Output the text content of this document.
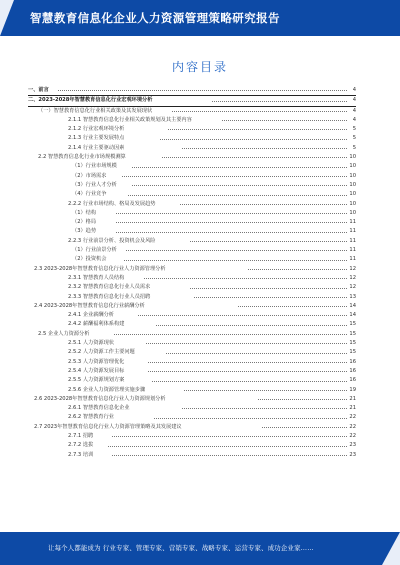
智慧教育信息化企业人力资源管理策略研究报告
内容目录
一、前言	4
二、2023-2028年智慧教育信息化行业宏观环境分析	4
（一）智慧教育信息化行业相关政策及其发展现状	4
2.1.1 智慧教育信息化行业相关政策规划及其主要内容	4
2.1.2 行业宏观环境分析	5
2.1.3 行业主要发展特点	5
2.1.4 行业主要驱动因素	5
2.2 智慧教育信息化行业市场规模测算	10
（1）行业市场规模	10
（2）市场需求	10
（3）行业人才分析	10
（4）行业竞争	10
2.2.2 行业市场结构、格局及发展趋势	10
（1）结构	10
（2）格局	11
（3）趋势	11
2.2.3 行业前景分析、投资机会及风险	11
（1）行业前景分析	11
（2）投资机会	11
2.3 2023-2028年智慧教育信息化行业人力资源管理分析	12
2.3.1 智慧教育人员结构	12
2.3.2 智慧教育信息化行业人员需求	12
2.3.3 智慧教育信息化行业人员招聘	13
2.4 2023-2028年智慧教育信息化行业薪酬分析	14
2.4.1 企业薪酬分析	14
2.4.2 薪酬福利体系构建	15
2.5 企业人力资源分析	15
2.5.1 人力资源现状	15
2.5.2 人力资源工作主要问题	15
2.5.3 人力资源管理优化	16
2.5.4 人力资源发展目标	16
2.5.5 人力资源规划方案	16
2.5.6 企业人力资源管理实施步骤	19
2.6 2023-2028年智慧教育信息化行业人力资源规划分析	21
2.6.1 智慧教育信息化企业	21
2.6.2 智慧教育行业	22
2.7 2023年智慧教育信息化行业人力资源管理策略及其发展建议	22
2.7.1 招聘	22
2.7.2 选拔	23
2.7.3 培训	23
让每个人都能成为 行业专家、管理专家、营销专家、战略专家、运营专家、成功企业家……
